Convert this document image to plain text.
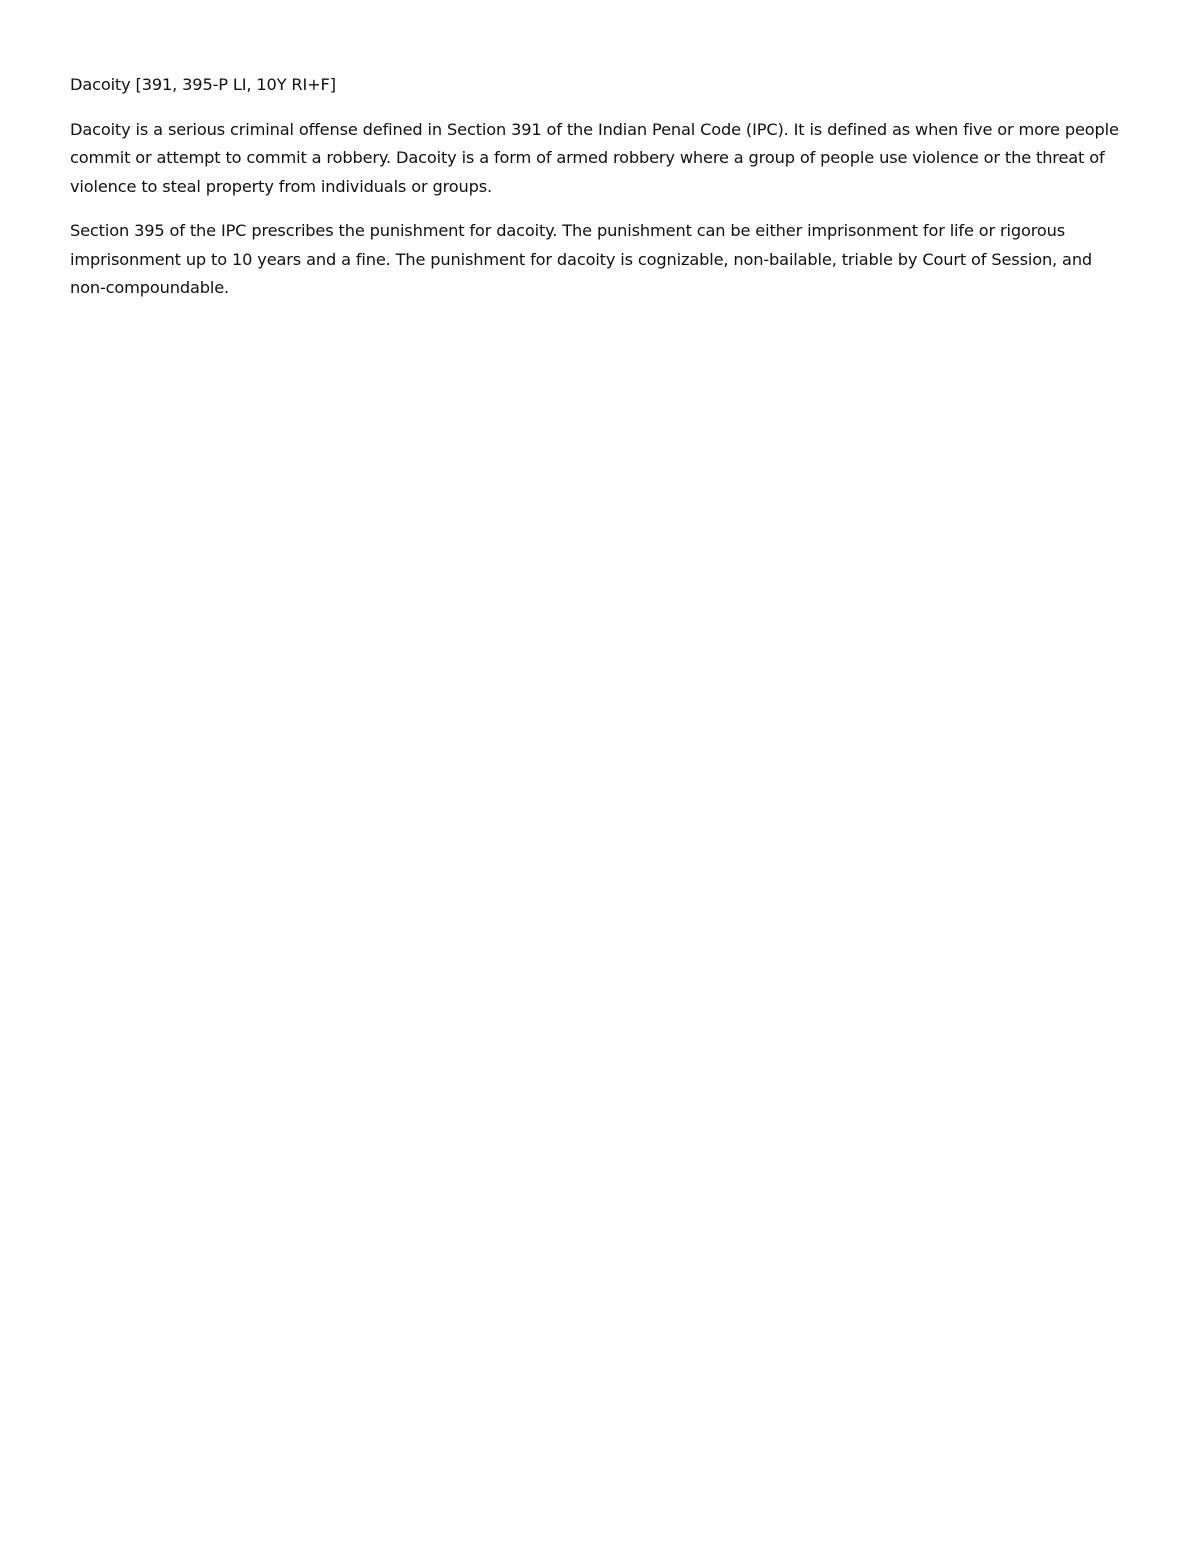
Dacoity [391, 395-P LI, 10Y RI+F]

Dacoity is a serious criminal offense defined in Section 391 of the Indian Penal Code (IPC). It is defined as when five or more people commit or attempt to commit a robbery. Dacoity is a form of armed robbery where a group of people use violence or the threat of violence to steal property from individuals or groups.

Section 395 of the IPC prescribes the punishment for dacoity. The punishment can be either imprisonment for life or rigorous imprisonment up to 10 years and a fine. The punishment for dacoity is cognizable, non-bailable, triable by Court of Session, and non-compoundable.
